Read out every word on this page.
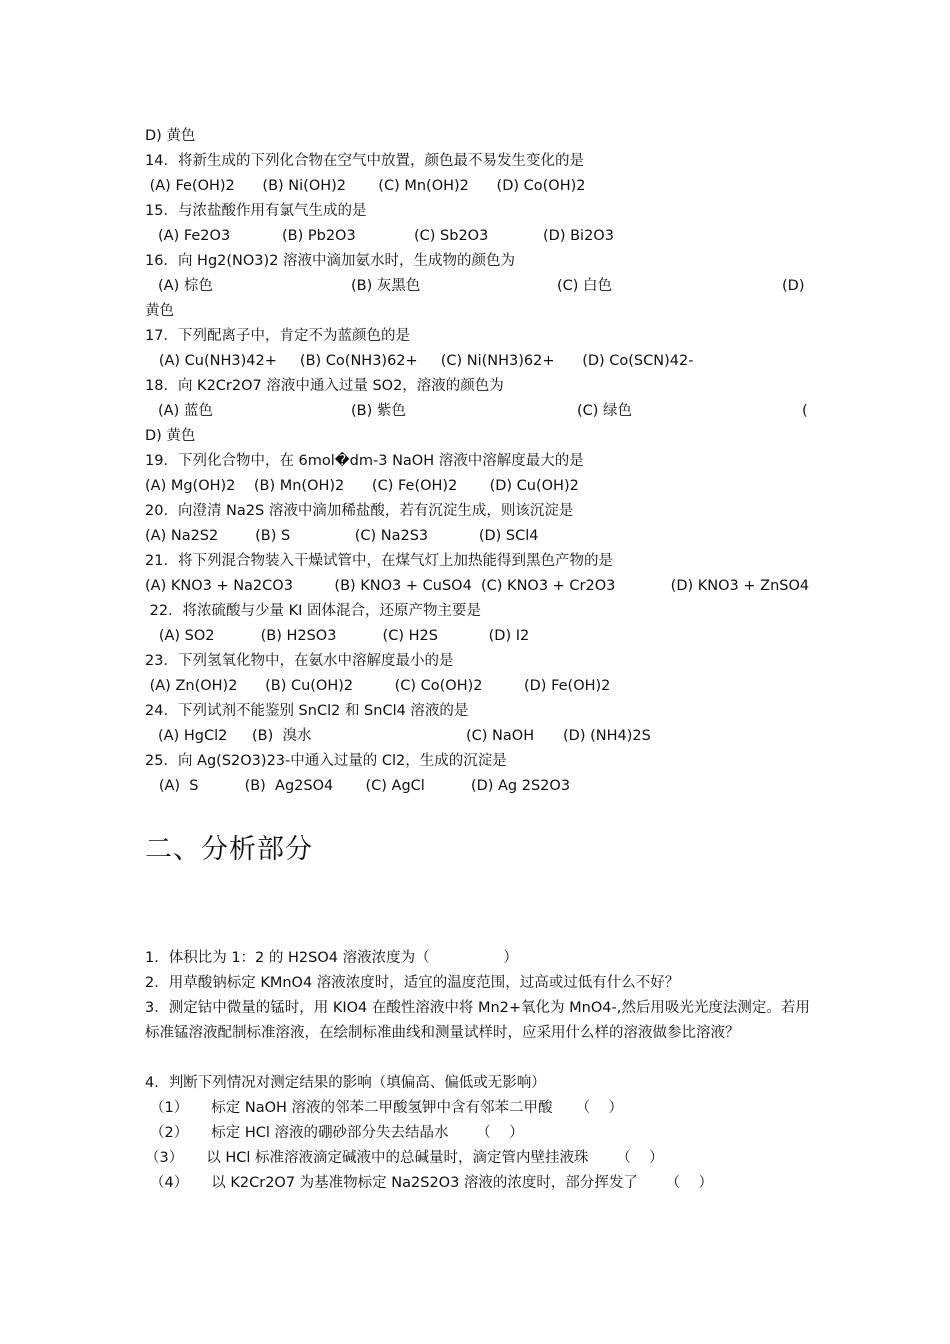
D) 黄色
14．将新生成的下列化合物在空气中放置，颜色最不易发生变化的是
(A) Fe(OH)2      (B) Ni(OH)2       (C) Mn(OH)2      (D) Co(OH)2
15．与浓盐酸作用有氯气生成的是
(A) Fe2O3	(B) Pb2O3	(C) Sb2O3	(D) Bi2O3
16．向 Hg2(NO3)2 溶液中滴加氨水时，生成物的颜色为
(A) 棕色	(B) 灰黑色	(C) 白色	(D)
黄色
17．下列配离子中，肯定不为蓝颜色的是
(A) Cu(NH3)42+     (B) Co(NH3)62+     (C) Ni(NH3)62+      (D) Co(SCN)42-
18．向 K2Cr2O7 溶液中通入过量 SO2，溶液的颜色为
(A) 蓝色	(B) 紫色	(C) 绿色	(
D) 黄色
19．下列化合物中，在 6mol�dm-3 NaOH 溶液中溶解度最大的是
(A) Mg(OH)2    (B) Mn(OH)2      (C) Fe(OH)2       (D) Cu(OH)2
20．向澄清 Na2S 溶液中滴加稀盐酸，若有沉淀生成，则该沉淀是
(A) Na2S2        (B) S              (C) Na2S3           (D) SCl4
21．将下列混合物装入干燥试管中，在煤气灯上加热能得到黑色产物的是
(A) KNO3 + Na2CO3         (B) KNO3 + CuSO4  (C) KNO3 + Cr2O3            (D) KNO3 + ZnSO4
22．将浓硫酸与少量 KI 固体混合，还原产物主要是
(A) SO2          (B) H2SO3          (C) H2S           (D) I2
23．下列氢氧化物中，在氨水中溶解度最小的是
(A) Zn(OH)2      (B) Cu(OH)2         (C) Co(OH)2         (D) Fe(OH)2
24．下列试剂不能鉴别 SnCl2 和 SnCl4 溶液的是
(A) HgCl2 (B)  溴水	(C) NaOH (D) (NH4)2S
25．向 Ag(S2O3)23-中通入过量的 Cl2，生成的沉淀是
(A)  S          (B)  Ag2SO4       (C) AgCl          (D) Ag 2S2O3
二、分析部分
1．体积比为 1：2 的 H2SO4 溶液浓度为（                ）
2．用草酸钠标定 KMnO4 溶液浓度时，适宜的温度范围，过高或过低有什么不好？
3．测定钴中微量的锰时，用 KIO4 在酸性溶液中将 Mn2+氧化为 MnO4-,然后用吸光光度法测定。若用标准锰溶液配制标准溶液，在绘制标准曲线和测量试样时，应采用什么样的溶液做参比溶液？
4．判断下列情况对测定结果的影响（填偏高、偏低或无影响）
（1）     标定 NaOH 溶液的邻苯二甲酸氢钾中含有邻苯二甲酸     （    ）
（2）     标定 HCl 溶液的硼砂部分失去结晶水      （    ）
（3）     以 HCl 标准溶液滴定碱液中的总碱量时，滴定管内壁挂液珠      （    ）
（4）     以 K2Cr2O7 为基准物标定 Na2S2O3 溶液的浓度时，部分挥发了      （    ）
